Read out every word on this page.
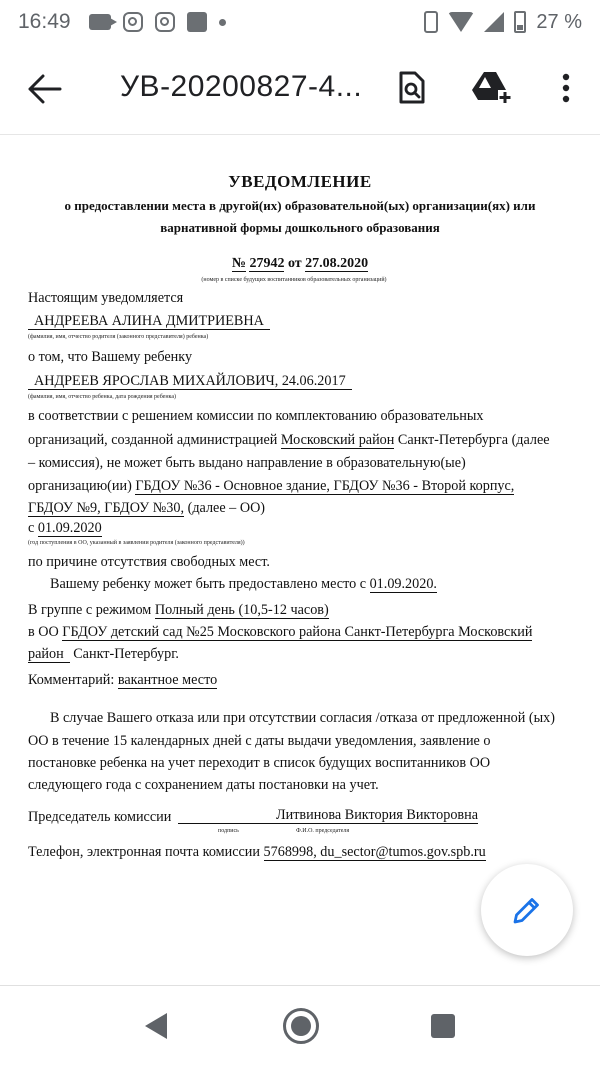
16:49	27 %
УВ-20200827-4...
УВЕДОМЛЕНИЕ
о предоставлении места в другой(их) образовательной(ых) организации(ях) или
варнативной формы дошкольного образования
№ 27942 от 27.08.2020
(номер в списке будущих воспитанников образовательных организаций)
Настоящим уведомляется
АНДРЕЕВА АЛИНА ДМИТРИЕВНА
(фамилия, имя, отчество родителя (законного представителя) ребенка)
о том, что Вашему ребенку
АНДРЕЕВ ЯРОСЛАВ МИХАЙЛОВИЧ, 24.06.2017
(фамилия, имя, отчество ребенка, дата рождения ребенка)
в соответствии с решением комиссии по комплектованию образовательных
организаций, созданной администрацией Московский район Санкт-Петербурга (далее
– комиссия), не может быть выдано направление в образовательную(ые)
организацию(ии) ГБДОУ №36 - Основное здание, ГБДОУ №36 - Второй корпус,
ГБДОУ №9, ГБДОУ №30, (далее – ОО)
с 01.09.2020
(год поступления в ОО, указанный в заявлении родителя (законного представителя))
по причине отсутствия свободных мест.
Вашему ребенку может быть предоставлено место с 01.09.2020.
В группе с режимом Полный день (10,5-12 часов)
в ОО ГБДОУ детский сад №25 Московского района Санкт-Петербурга Московский
район Санкт-Петербург.
Комментарий: вакантное место
В случае Вашего отказа или при отсутствии согласия /отказа от предложенной (ых)
ОО в течение 15 календарных дней с даты выдачи уведомления, заявление о
постановке ребенка на учет переходит в список будущих воспитанников ОО
следующего года с сохранением даты постановки на учет.
Председатель комиссии	Литвинова Виктория Викторовна
подпись	Ф.И.О. председателя
Телефон, электронная почта комиссии 5768998, du_sector@tumos.gov.spb.ru
